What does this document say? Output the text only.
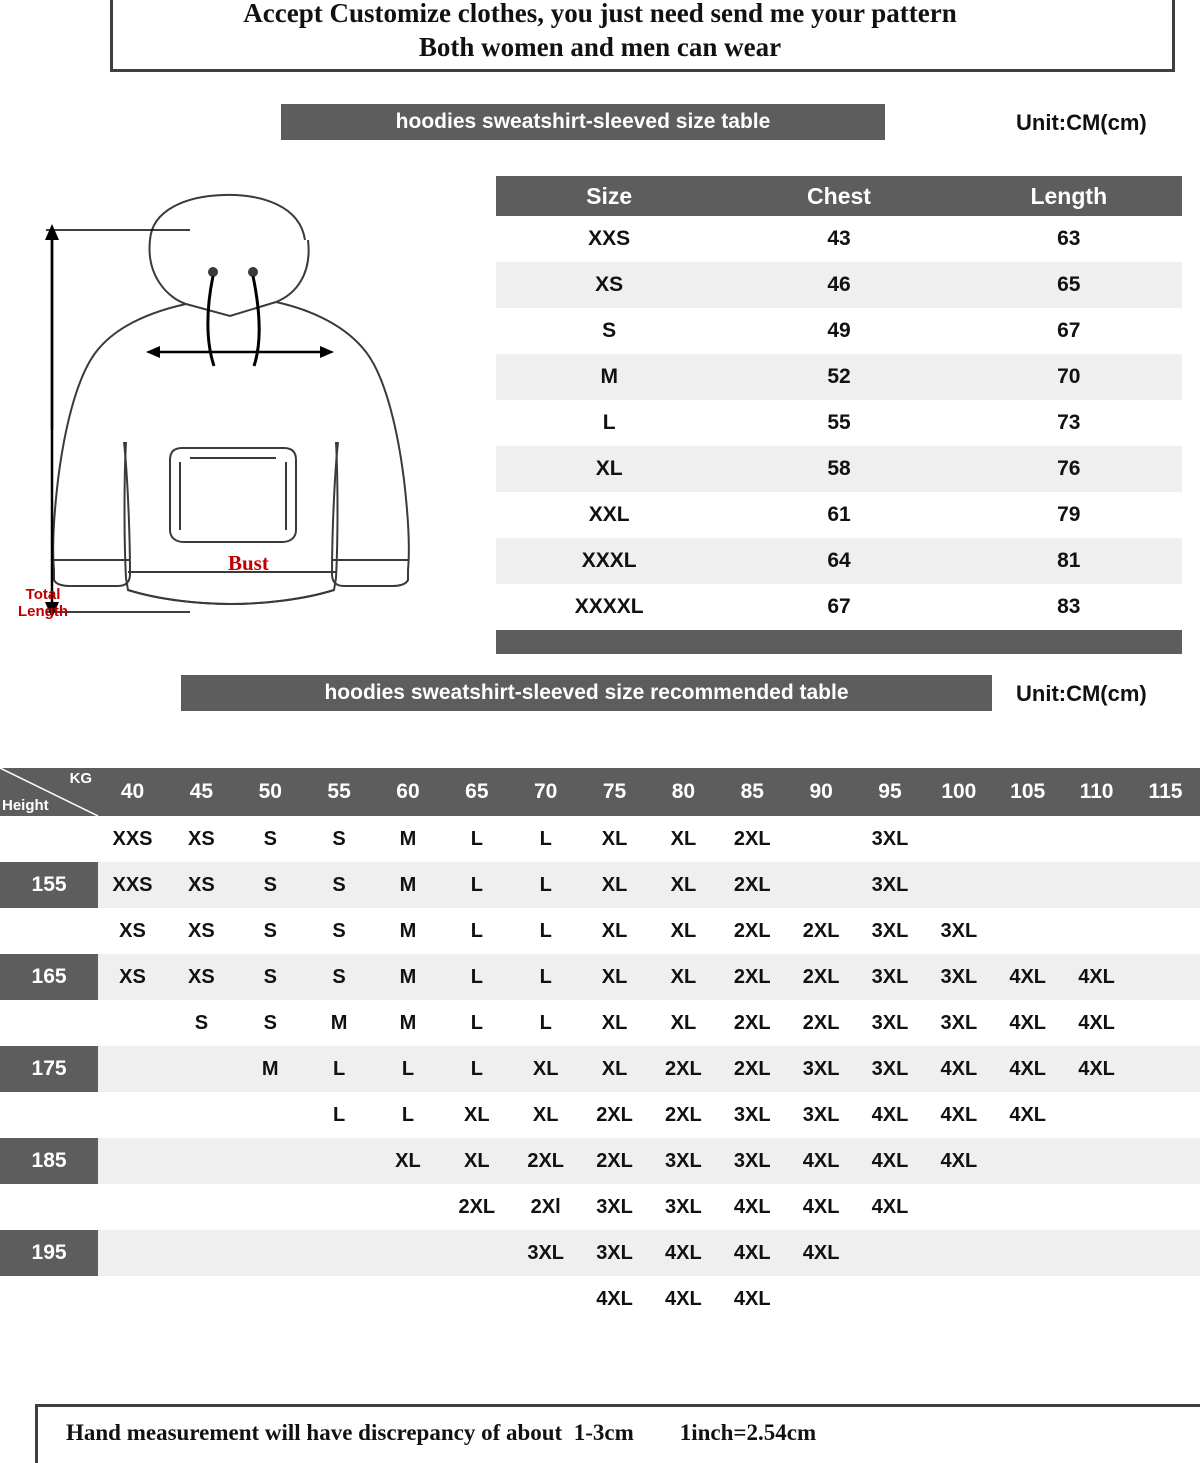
Accept Customize clothes, you just need send me your pattern
Both women and men can wear
hoodies sweatshirt-sleeved size table	Unit:CM(cm)
Bust
Total
Length
Size	Chest	Length
XXS	43	63
XS	46	65
S	49	67
M	52	70
L	55	73
XL	58	76
XXL	61	79
XXXL	64	81
XXXXL	67	83

hoodies sweatshirt-sleeved size recommended table	Unit:CM(cm)
KG
Height	40	45	50	55	60	65	70	75	80	85	90	95	100	105	110	115
150	XXS	XS	S	S	M	L	L	XL	XL	2XL		3XL				
155	XXS	XS	S	S	M	L	L	XL	XL	2XL		3XL				
160	XS	XS	S	S	M	L	L	XL	XL	2XL	2XL	3XL	3XL			
165	XS	XS	S	S	M	L	L	XL	XL	2XL	2XL	3XL	3XL	4XL	4XL	
170		S	S	M	M	L	L	XL	XL	2XL	2XL	3XL	3XL	4XL	4XL	
175			M	L	L	L	XL	XL	2XL	2XL	3XL	3XL	4XL	4XL	4XL	
180				L	L	XL	XL	2XL	2XL	3XL	3XL	4XL	4XL	4XL		
185					XL	XL	2XL	2XL	3XL	3XL	4XL	4XL	4XL			
190						2XL	2Xl	3XL	3XL	4XL	4XL	4XL				
195							3XL	3XL	4XL	4XL	4XL					
205								4XL	4XL	4XL						
Hand measurement will have discrepancy of about  1-3cm        1inch=2.54cm
